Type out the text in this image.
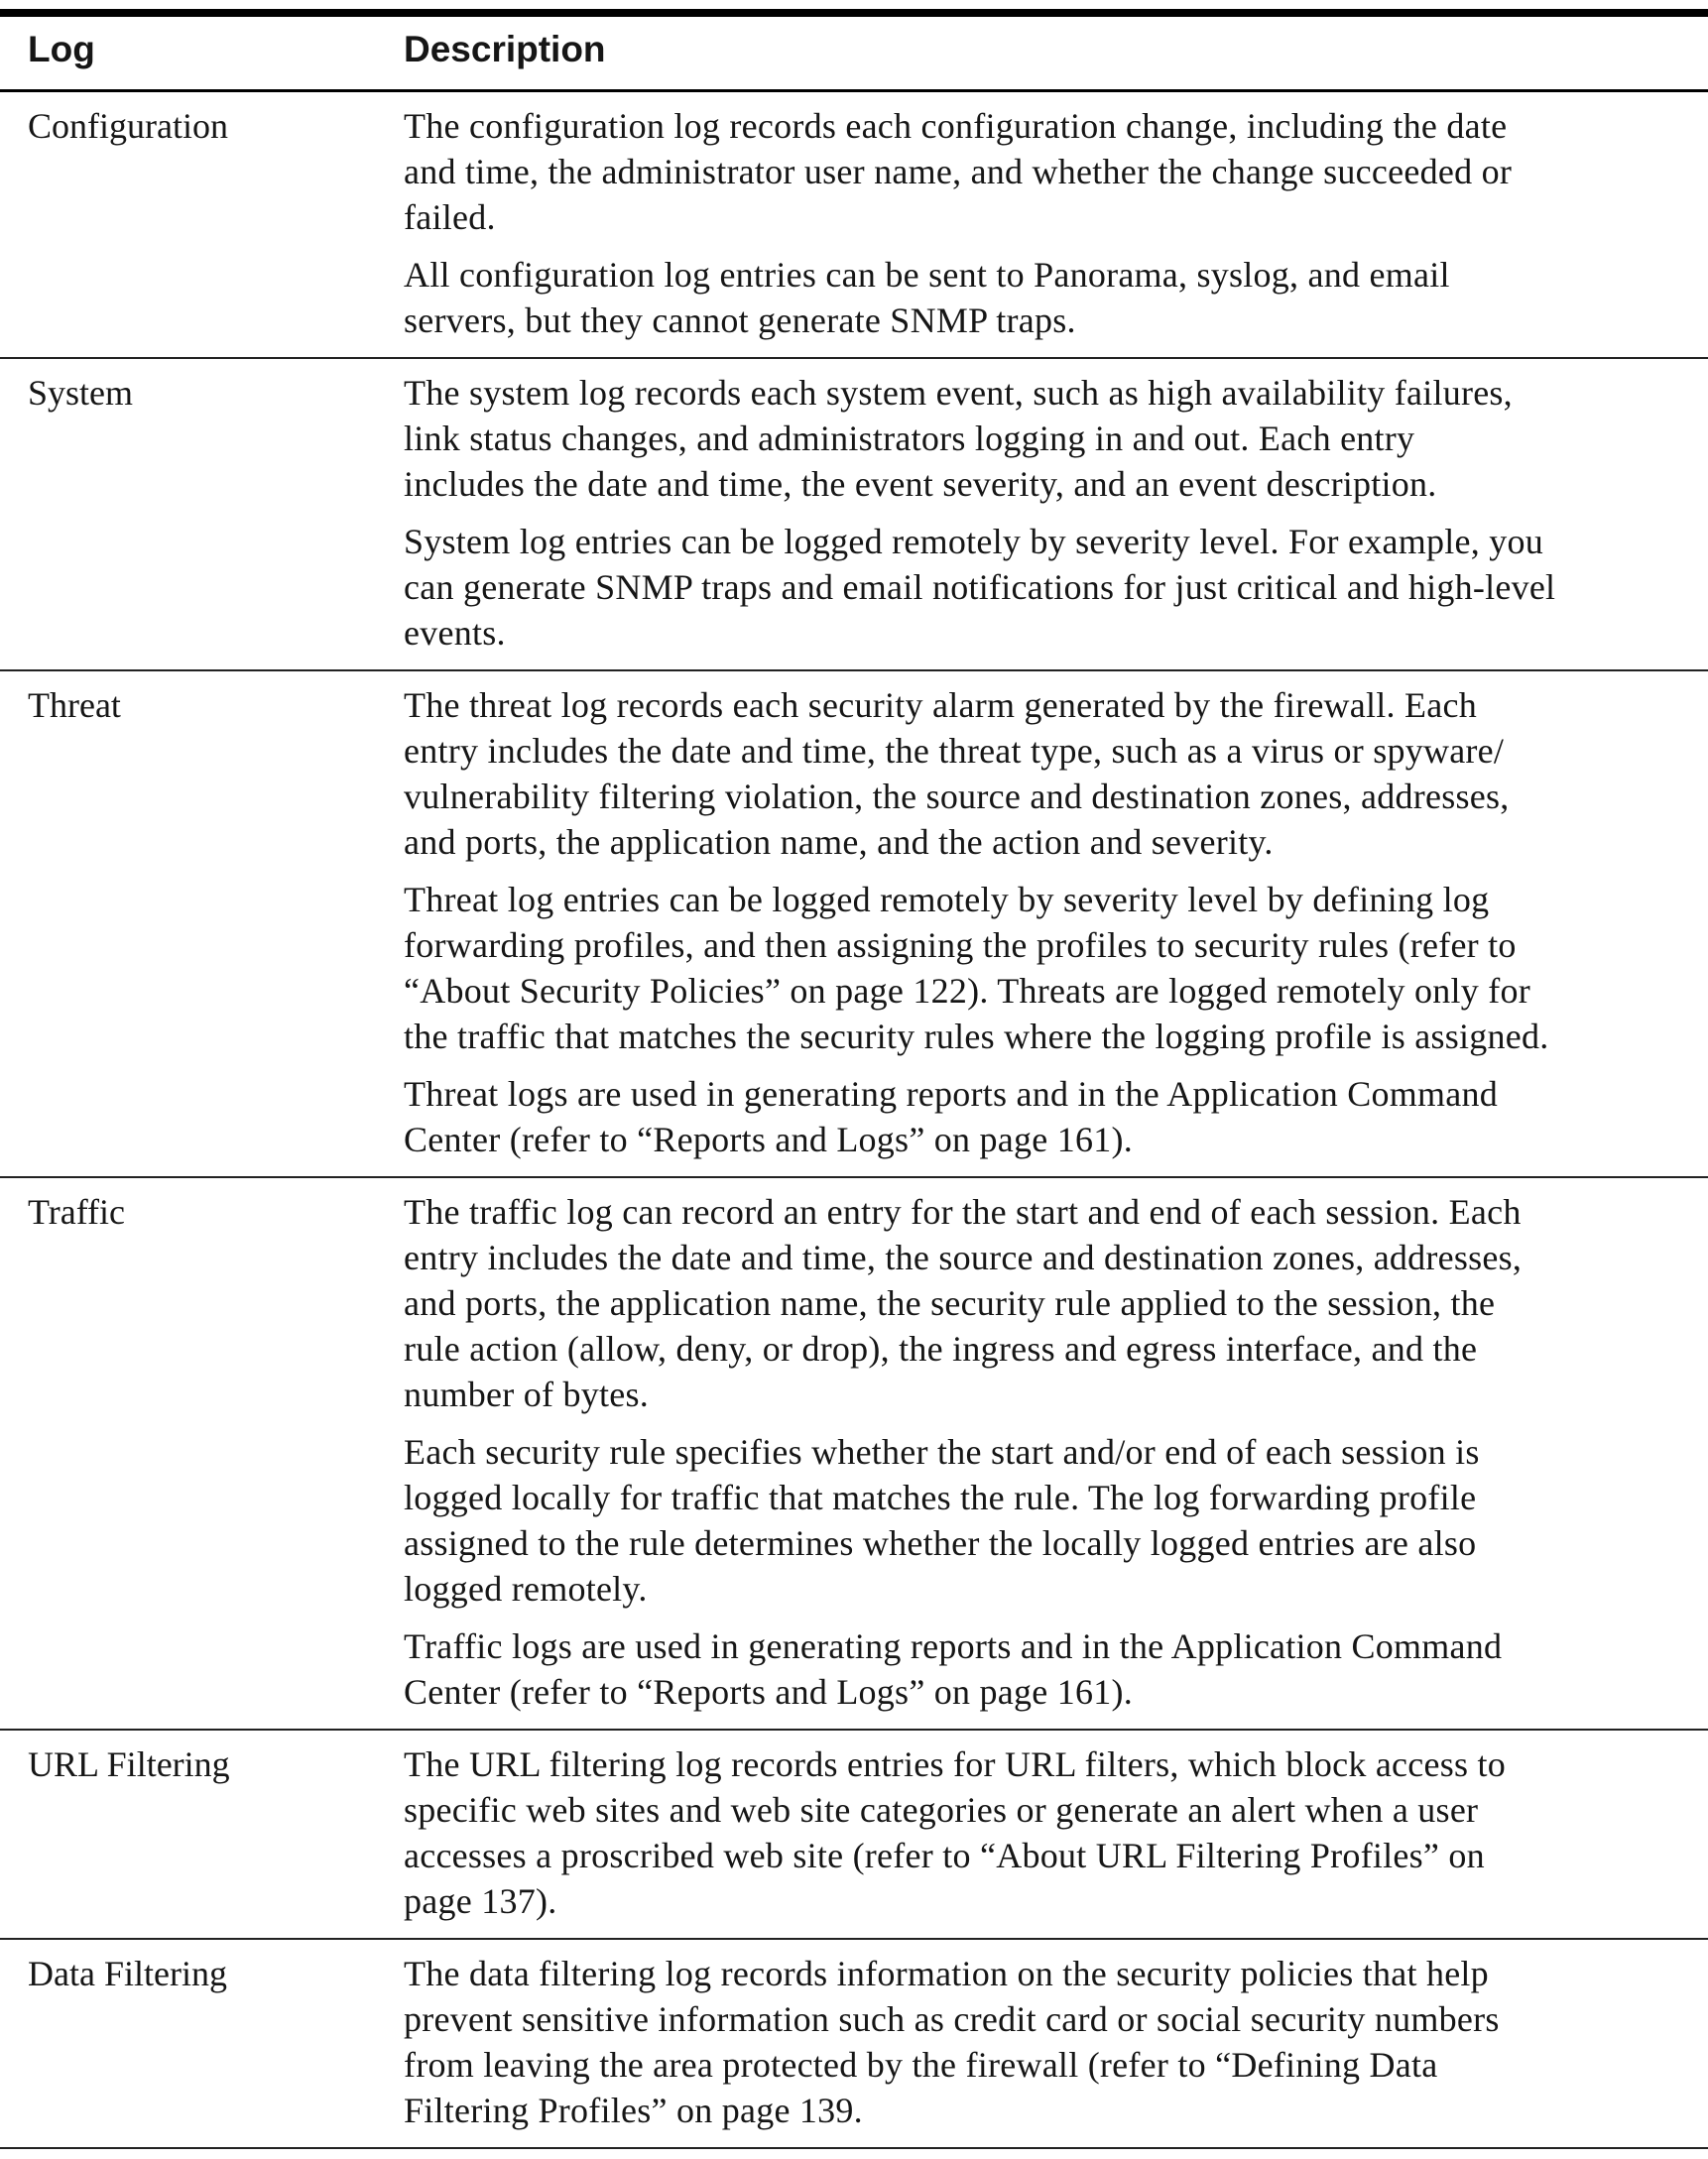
Log	Description
Configuration	The configuration log records each configuration change, including the date
and time, the administrator user name, and whether the change succeeded or
failed.
All configuration log entries can be sent to Panorama, syslog, and email
servers, but they cannot generate SNMP traps.
System	The system log records each system event, such as high availability failures,
link status changes, and administrators logging in and out. Each entry
includes the date and time, the event severity, and an event description.
System log entries can be logged remotely by severity level. For example, you
can generate SNMP traps and email notifications for just critical and high-level
events.
Threat	The threat log records each security alarm generated by the firewall. Each
entry includes the date and time, the threat type, such as a virus or spyware/
vulnerability filtering violation, the source and destination zones, addresses,
and ports, the application name, and the action and severity.
Threat log entries can be logged remotely by severity level by defining log
forwarding profiles, and then assigning the profiles to security rules (refer to
“About Security Policies” on page 122). Threats are logged remotely only for
the traffic that matches the security rules where the logging profile is assigned.
Threat logs are used in generating reports and in the Application Command
Center (refer to “Reports and Logs” on page 161).
Traffic	The traffic log can record an entry for the start and end of each session. Each
entry includes the date and time, the source and destination zones, addresses,
and ports, the application name, the security rule applied to the session, the
rule action (allow, deny, or drop), the ingress and egress interface, and the
number of bytes.
Each security rule specifies whether the start and/or end of each session is
logged locally for traffic that matches the rule. The log forwarding profile
assigned to the rule determines whether the locally logged entries are also
logged remotely.
Traffic logs are used in generating reports and in the Application Command
Center (refer to “Reports and Logs” on page 161).
URL Filtering	The URL filtering log records entries for URL filters, which block access to
specific web sites and web site categories or generate an alert when a user
accesses a proscribed web site (refer to “About URL Filtering Profiles” on
page 137).
Data Filtering	The data filtering log records information on the security policies that help
prevent sensitive information such as credit card or social security numbers
from leaving the area protected by the firewall (refer to “Defining Data
Filtering Profiles” on page 139.
